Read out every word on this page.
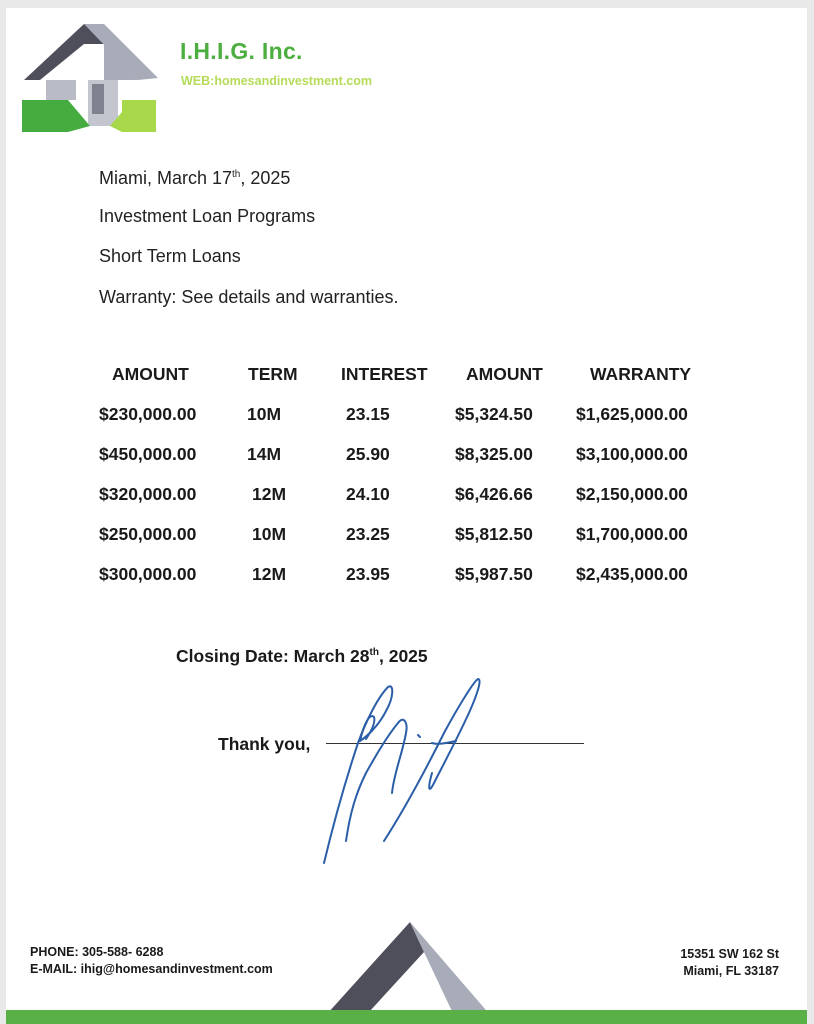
I.H.I.G. Inc.
WEB:homesandinvestment.com
Miami, March 17th, 2025
Investment Loan Programs
Short Term Loans
Warranty: See details and warranties.
AMOUNT	TERM INTEREST AMOUNT	WARRANTY
$230,000.00	10M	23.15	$5,324.50 $1,625,000.00
$450,000.00	14M	25.90	$8,325.00 $3,100,000.00
$320,000.00	12M	24.10	$6,426.66 $2,150,000.00
$250,000.00	10M	23.25	$5,812.50 $1,700,000.00
$300,000.00	12M	23.95	$5,987.50 $2,435,000.00
Closing Date: March 28th, 2025
Thank you,
PHONE: 305-588- 6288
E-MAIL: ihig@homesandinvestment.com
15351 SW 162 St
Miami, FL 33187
